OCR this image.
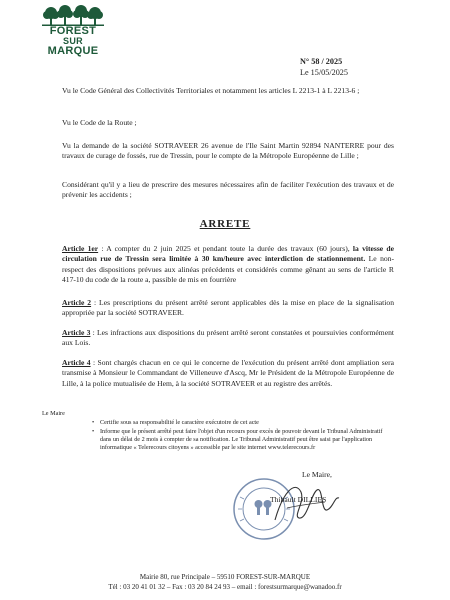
FOREST
SUR
MARQUE
N° 58 / 2025
Le 15/05/2025
Vu le Code Général des Collectivités Territoriales et notamment les articles L 2213-1 à L 2213-6 ;
Vu le Code de la Route ;
Vu la demande de la société SOTRAVEER 26 avenue de l'Ile Saint Martin 92894 NANTERRE pour des travaux de curage de fossés, rue de Tressin, pour le compte de la Métropole Européenne de Lille ;
Considérant qu'il y a lieu de prescrire des mesures nécessaires afin de faciliter l'exécution des travaux et de prévenir les accidents ;
ARRETE
Article 1er : A compter du 2 juin 2025 et pendant toute la durée des travaux (60 jours), la vitesse de circulation rue de Tressin sera limitée à 30 km/heure avec interdiction de stationnement. Le non-respect des dispositions prévues aux alinéas précédents et considérés comme gênant au sens de l'article R 417-10 du code de la route a, passible de mis en fourrière
Article 2 : Les prescriptions du présent arrêté seront applicables dès la mise en place de la signalisation appropriée par la société SOTRAVEER.
Article 3 : Les infractions aux dispositions du présent arrêté seront constatées et poursuivies conformément aux Lois.
Article 4 : Sont chargés chacun en ce qui le concerne de l'exécution du présent arrêté dont ampliation sera transmise à Monsieur le Commandant de Villeneuve d'Ascq, Mr le Président de la Métropole Européenne de Lille, à la police mutualisée de Hem, à la société SOTRAVEER et au registre des arrêtés.
Le Maire
• Certifie sous sa responsabilité le caractère exécutoire de cet acte
• Informe que le présent arrêté peut faire l'objet d'un recours pour excès de pouvoir devant le Tribunal Administratif dans un délai de 2 mois à compter de sa notification. Le Tribunal Administratif peut être saisi par l'application informatique « Telerecours citoyens » accessible par le site internet www.telerecours.fr
Le Maire,
Thibault DILLIES
Mairie 80, rue Principale – 59510 FOREST-SUR-MARQUE
Tél : 03 20 41 01 32 – Fax : 03 20 84 24 93 – email : forestsurmarque@wanadoo.fr
